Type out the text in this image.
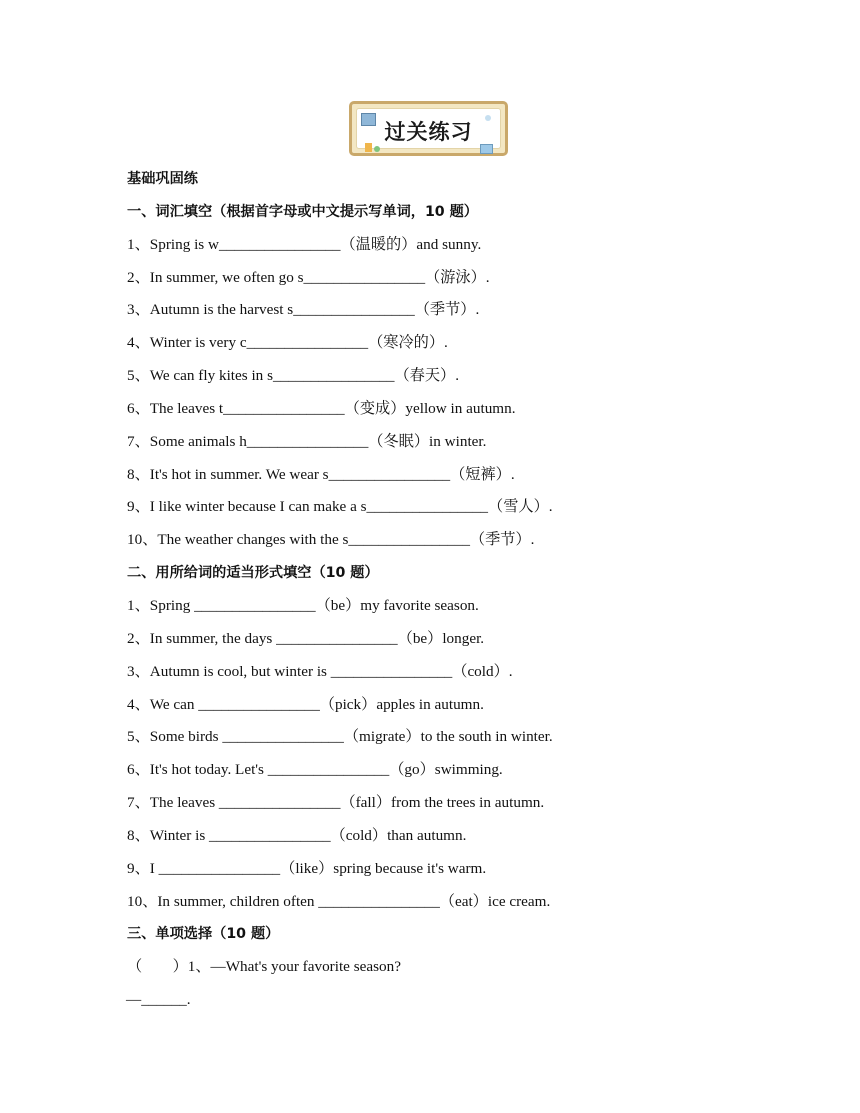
过关练习
基础巩固练
一、词汇填空（根据首字母或中文提示写单词，10 题）
1、Spring is w________________（温暖的）and sunny.
2、In summer, we often go s________________（游泳）.
3、Autumn is the harvest s________________（季节）.
4、Winter is very c________________（寒冷的）.
5、We can fly kites in s________________（春天）.
6、The leaves t________________（变成）yellow in autumn.
7、Some animals h________________（冬眠）in winter.
8、It's hot in summer. We wear s________________（短裤）.
9、I like winter because I can make a s________________（雪人）.
10、The weather changes with the s________________（季节）.
二、用所给词的适当形式填空（10 题）
1、Spring ________________（be）my favorite season.
2、In summer, the days ________________（be）longer.
3、Autumn is cool, but winter is ________________（cold）.
4、We can ________________（pick）apples in autumn.
5、Some birds ________________（migrate）to the south in winter.
6、It's hot today. Let's ________________（go）swimming.
7、The leaves ________________（fall）from the trees in autumn.
8、Winter is ________________（cold）than autumn.
9、I ________________（like）spring because it's warm.
10、In summer, children often ________________（eat）ice cream.
三、单项选择（10 题）
（        ）1、—What's your favorite season?
—______.
